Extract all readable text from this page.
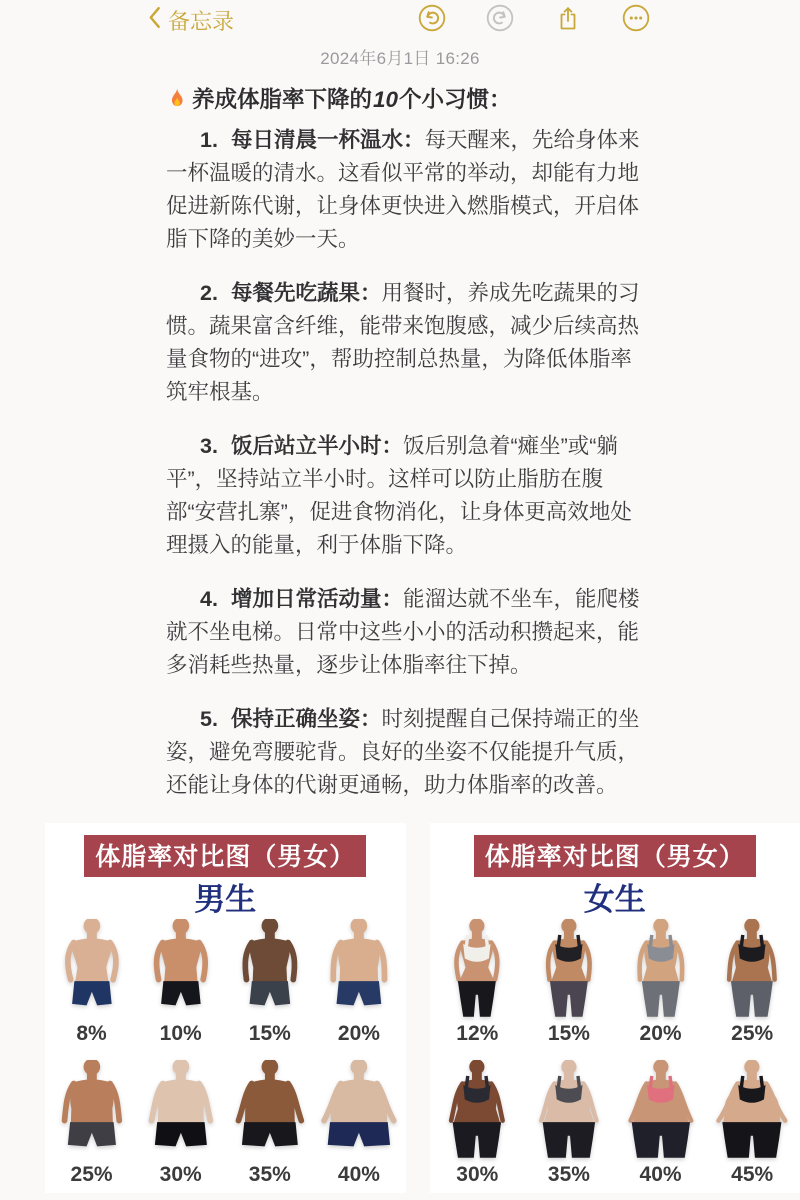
备忘录
2024年6月1日 16:26
养成体脂率下降的10个小习惯：
1. 每日清晨一杯温水：每天醒来，先给身体来一杯温暖的清水。这看似平常的举动，却能有力地促进新陈代谢，让身体更快进入燃脂模式，开启体脂下降的美妙一天。
2. 每餐先吃蔬果：用餐时，养成先吃蔬果的习惯。蔬果富含纤维，能带来饱腹感，减少后续高热量食物的“进攻”，帮助控制总热量，为降低体脂率筑牢根基。
3. 饭后站立半小时：饭后别急着“瘫坐”或“躺平”，坚持站立半小时。这样可以防止脂肪在腹部“安营扎寨”，促进食物消化，让身体更高效地处理摄入的能量，利于体脂下降。
4. 增加日常活动量：能溜达就不坐车，能爬楼就不坐电梯。日常中这些小小的活动积攒起来，能多消耗些热量，逐步让体脂率往下掉。
5. 保持正确坐姿：时刻提醒自己保持端正的坐姿，避免弯腰驼背。良好的坐姿不仅能提升气质，还能让身体的代谢更通畅，助力体脂率的改善。
体脂率对比图（男女）
男生
8%	10% 15% 20%
25% 30% 35% 40%
体脂率对比图（男女）
女生
12% 15% 20% 25%
30% 35% 40% 45%
